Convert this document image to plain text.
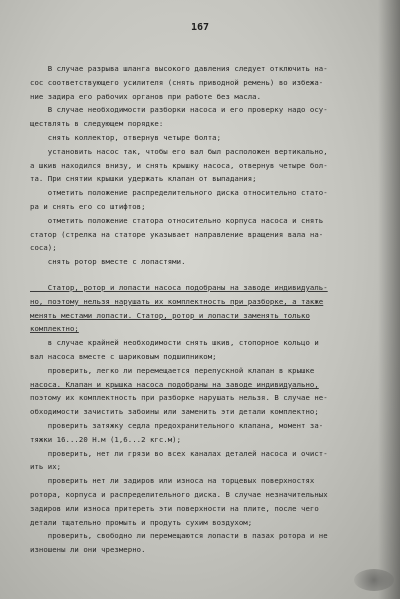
167
В случае разрыва шланга высокого давления следует отключить на-
сос соответствующего усилителя (снять приводной ремень) во избежа-
ние задира его рабочих органов при работе без масла.
В случае необходимости разборки насоса и его проверку надо осу-
ществлять в следующем порядке:
снять коллектор, отвернув четыре болта;
установить насос так, чтобы его вал был расположен вертикально,
а шкив находился внизу, и снять крышку насоса, отвернув четыре бол-
та. При снятии крышки удержать клапан от выпадания;
отметить положение распределительного диска относительно стато-
ра и снять его со штифтов;
отметить положение статора относительно корпуса насоса и снять
статор (стрелка на статоре указывает направление вращения вала на-
соса);
снять ротор вместе с лопастями.
Статор, ротор и лопасти насоса подобраны на заводе индивидуаль-
но, поэтому нельзя нарушать их комплектность при разборке, а также
менять местами лопасти. Статор, ротор и лопасти заменять только
комплектно;
в случае крайней необходимости снять шкив, стопорное кольцо и
вал насоса вместе с шариковым подшипником;
проверить, легко ли перемещается перепускной клапан в крышке
насоса. Клапан и крышка насоса подобраны на заводе индивидуально,
поэтому их комплектность при разборке нарушать нельзя. В случае не-
обходимости зачистить забоины или заменить эти детали комплектно;
проверить затяжку седла предохранительного клапана, момент за-
тяжки 16...20 Н.м (1,6...2 кгс.м);
проверить, нет ли грязи во всех каналах деталей насоса и очист-
ить их;
проверить нет ли задиров или износа на торцевых поверхностях
ротора, корпуса и распределительного диска. В случае незначительных
задиров или износа притереть эти поверхности на плите, после чего
детали тщательно промыть и продуть сухим воздухом;
проверить, свободно ли перемещаются лопасти в пазах ротора и не
изношены ли они чрезмерно.
